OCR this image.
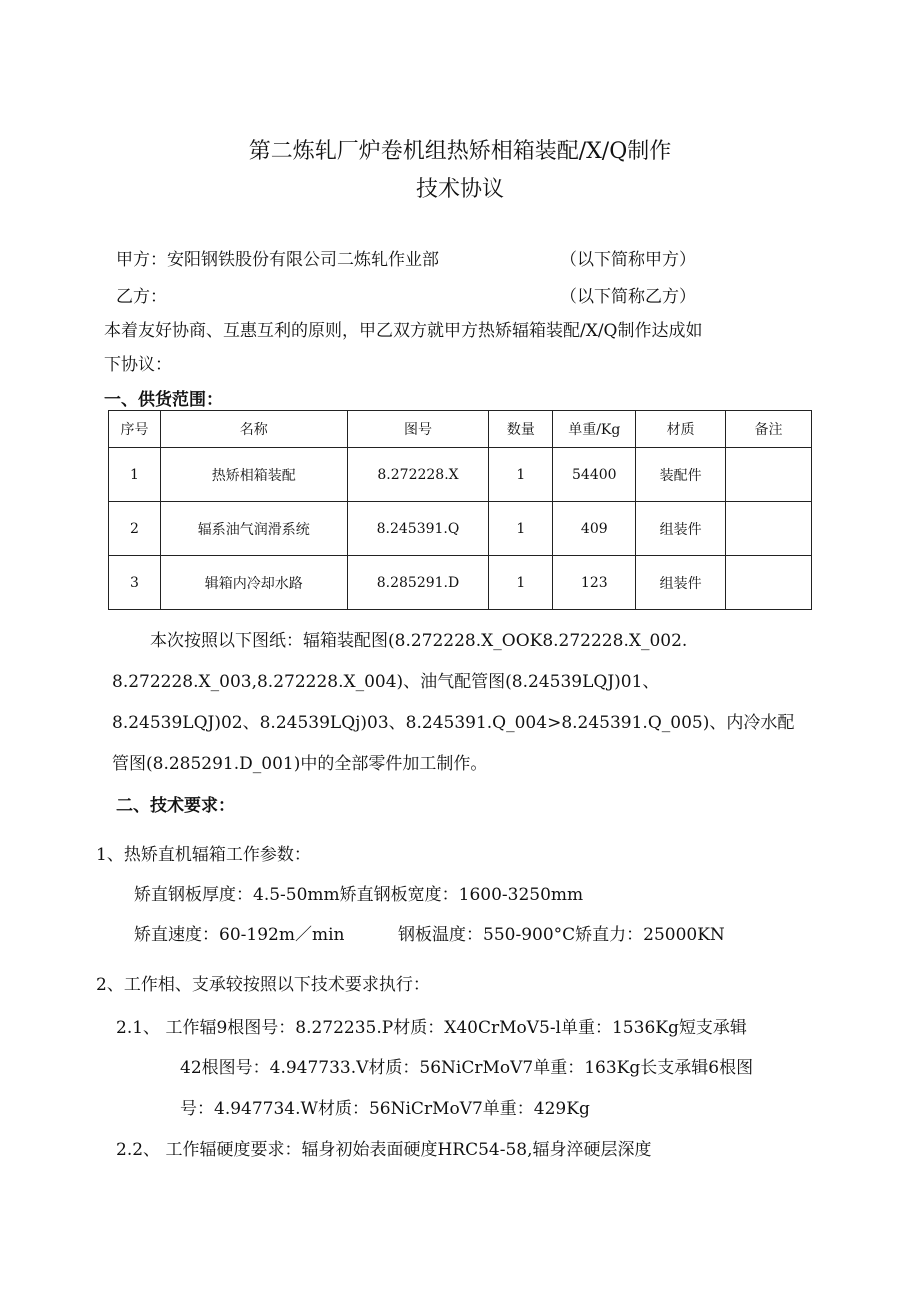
第二炼轧厂炉卷机组热矫相箱装配/X/Q制作
技术协议
甲方：安阳钢铁股份有限公司二炼轧作业部	（以下简称甲方）
乙方：	（以下简称乙方）
本着友好协商、互惠互利的原则，甲乙双方就甲方热矫辐箱装配/X/Q制作达成如
下协议：
一、供货范围：
序号	名称	图号	数量	单重/Kg	材质	备注
1	热矫相箱装配	8.272228.X	1	54400	装配件	
2	辐系油气润滑系统	8.245391.Q	1	409	组装件	
3	辑箱内冷却水路	8.285291.D	1	123	组装件	
本次按照以下图纸：辐箱装配图(8.272228.X_OOK8.272228.X_002.
8.272228.X_003,8.272228.X_004)、油气配管图(8.24539LQJ)01、
8.24539LQJ)02、8.24539LQj)03、8.245391.Q_004>8.245391.Q_005)、内冷水配
管图(8.285291.D_001)中的全部零件加工制作。
二、技术要求：
1、热矫直机辐箱工作参数：
矫直钢板厚度：4.5-50mm矫直钢板宽度：1600-3250mm
矫直速度：60-192m／min	钢板温度：550-900°C矫直力：25000KN
2、工作相、支承较按照以下技术要求执行：
2.1、 工作辐9根图号：8.272235.P材质：X40CrMoV5-l单重：1536Kg短支承辑
42根图号：4.947733.V材质：56NiCrMoV7单重：163Kg长支承辑6根图
号：4.947734.W材质：56NiCrMoV7单重：429Kg
2.2、 工作辐硬度要求：辐身初始表面硬度HRC54-58,辐身淬硬层深度
